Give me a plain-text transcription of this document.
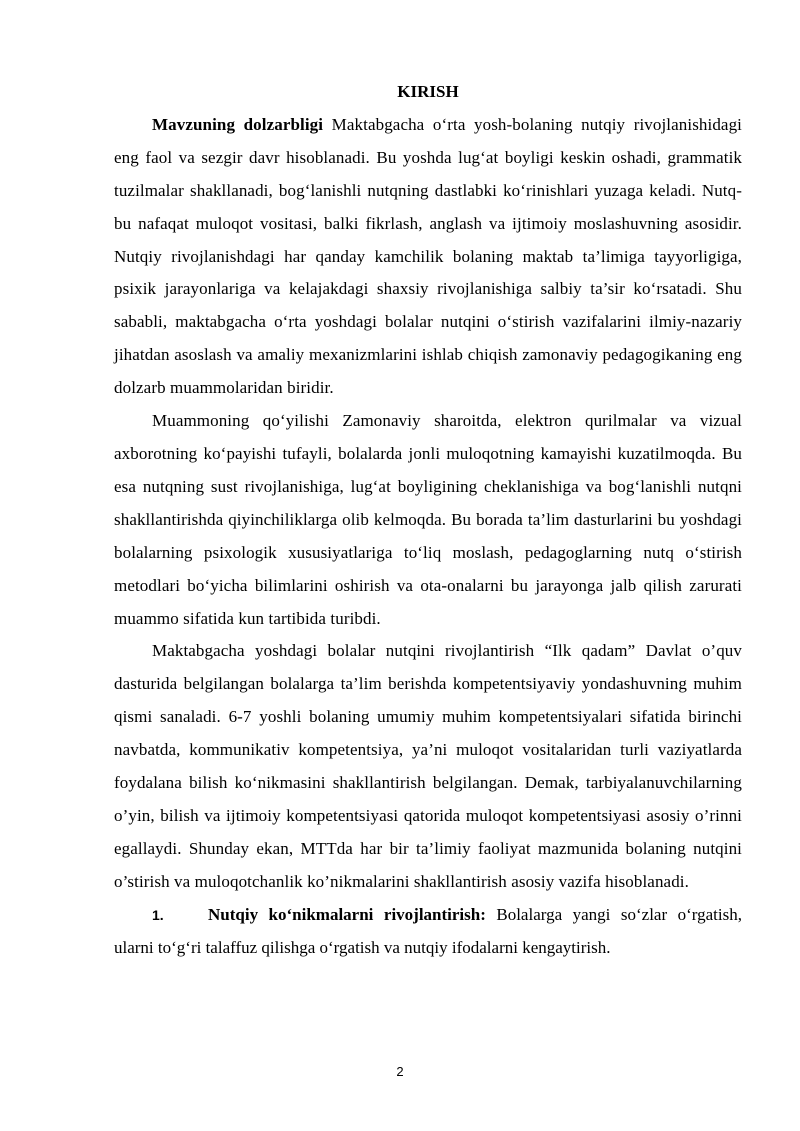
KIRISH

Mavzuning dolzarbligi Maktabgacha o‘rta yosh-bolaning nutqiy rivojlanishidagi eng faol va sezgir davr hisoblanadi. Bu yoshda lug‘at boyligi keskin oshadi, grammatik tuzilmalar shakllanadi, bog‘lanishli nutqning dastlabki ko‘rinishlari yuzaga keladi. Nutq-bu nafaqat muloqot vositasi, balki fikrlash, anglash va ijtimoiy moslashuvning asosidir. Nutqiy rivojlanishdagi har qanday kamchilik bolaning maktab ta’limiga tayyorligiga, psixik jarayonlariga va kelajakdagi shaxsiy rivojlanishiga salbiy ta’sir ko‘rsatadi. Shu sababli, maktabgacha o‘rta yoshdagi bolalar nutqini o‘stirish vazifalarini ilmiy-nazariy jihatdan asoslash va amaliy mexanizmlarini ishlab chiqish zamonaviy pedagogikaning eng dolzarb muammolaridan biridir.

Muammoning qo‘yilishi Zamonaviy sharoitda, elektron qurilmalar va vizual axborotning ko‘payishi tufayli, bolalarda jonli muloqotning kamayishi kuzatilmoqda. Bu esa nutqning sust rivojlanishiga, lug‘at boyligining cheklanishiga va bog‘lanishli nutqni shakllantirishda qiyinchiliklarga olib kelmoqda. Bu borada ta’lim dasturlarini bu yoshdagi bolalarning psixologik xususiyatlariga to‘liq moslash, pedagoglarning nutq o‘stirish metodlari bo‘yicha bilimlarini oshirish va ota-onalarni bu jarayonga jalb qilish zarurati muammo sifatida kun tartibida turibdi.

Maktabgacha yoshdagi bolalar nutqini rivojlantirish “Ilk qadam” Davlat o’quv dasturida belgilangan bolalarga ta’lim berishda kompetentsiyaviy yondashuvning muhim qismi sanaladi. 6-7 yoshli bolaning umumiy muhim kompetentsiyalari sifatida birinchi navbatda, kommunikativ kompetentsiya, ya’ni muloqot vositalaridan turli vaziyatlarda foydalana bilish ko‘nikmasini shakllantirish belgilangan. Demak, tarbiyalanuvchilarning o’yin, bilish va ijtimoiy kompetentsiyasi qatorida muloqot kompetentsiyasi asosiy o’rinni egallaydi. Shunday ekan, MTTda har bir ta’limiy faoliyat mazmunida bolaning nutqini o’stirish va muloqotchanlik ko’nikmalarini shakllantirish asosiy vazifa hisoblanadi.

1.	Nutqiy ko‘nikmalarni rivojlantirish: Bolalarga yangi so‘zlar o‘rgatish, ularni to‘g‘ri talaffuz qilishga o‘rgatish va nutqiy ifodalarni kengaytirish.

2
